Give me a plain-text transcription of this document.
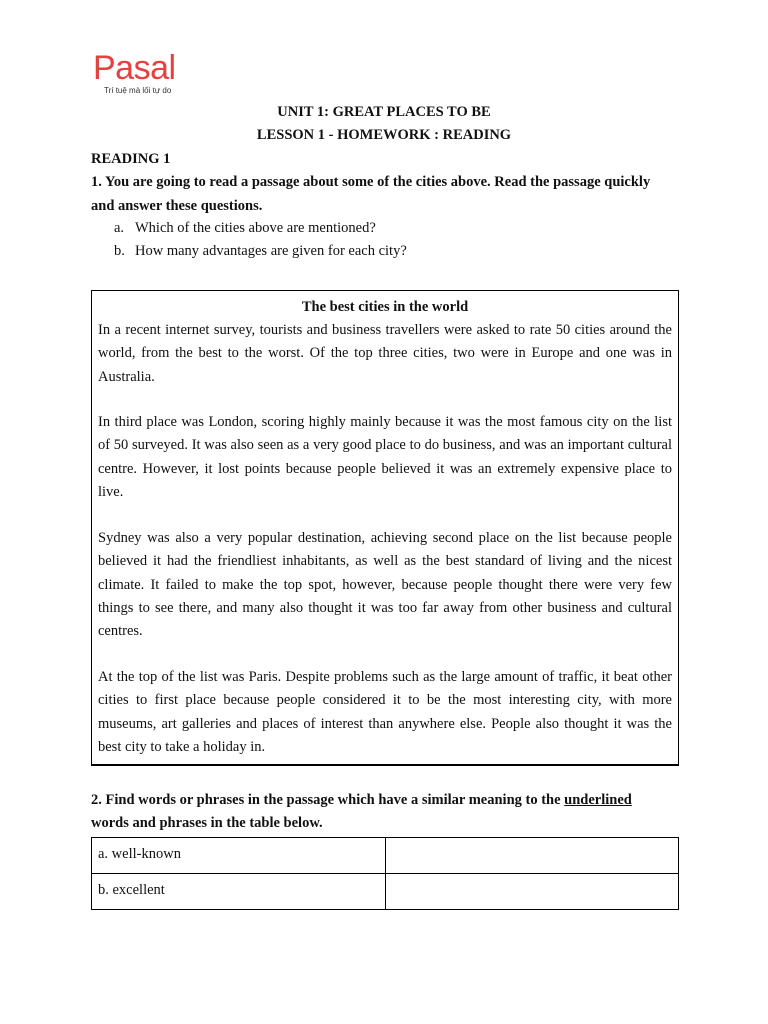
Pasal
Trí tuệ mà lối tự do
UNIT 1: GREAT PLACES TO BE
LESSON 1 - HOMEWORK : READING
READING 1
1. You are going to read a passage about some of the cities above. Read the passage quickly
and answer these questions.
a. Which of the cities above are mentioned?
b. How many advantages are given for each city?
The best cities in the world

In a recent internet survey, tourists and business travellers were asked to rate 50 cities around the world, from the best to the worst. Of the top three cities, two were in Europe and one was in Australia.

In third place was London, scoring highly mainly because it was the most famous city on the list of 50 surveyed. It was also seen as a very good place to do business, and was an important cultural centre. However, it lost points because people believed it was an extremely expensive place to live.

Sydney was also a very popular destination, achieving second place on the list because people believed it had the friendliest inhabitants, as well as the best standard of living and the nicest climate. It failed to make the top spot, however, because people thought there were very few things to see there, and many also thought it was too far away from other business and cultural centres.

At the top of the list was Paris. Despite problems such as the large amount of traffic, it beat other cities to first place because people considered it to be the most interesting city, with more museums, art galleries and places of interest than anywhere else. People also thought it was the best city to take a holiday in.

2. Find words or phrases in the passage which have a similar meaning to the underlined
words and phrases in the table below.
a. well-known	
b. excellent	
